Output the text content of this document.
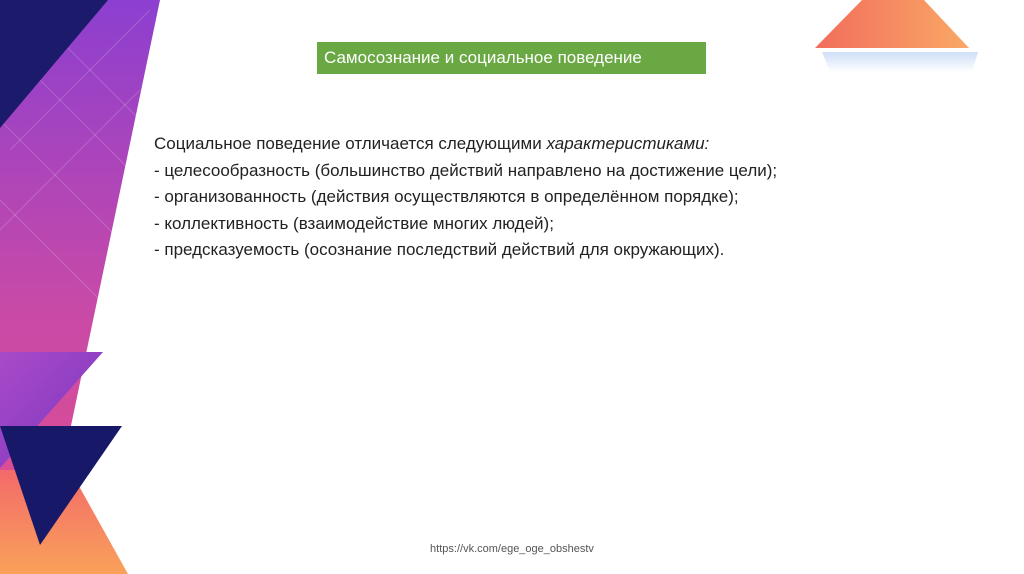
Самосознание и социальное поведение
Социальное поведение отличается следующими характеристиками:
- целесообразность (большинство действий направлено на достижение цели);
- организованность (действия осуществляются в определённом порядке);
- коллективность (взаимодействие многих людей);
- предсказуемость (осознание последствий действий для окружающих).
https://vk.com/ege_oge_obshestv
